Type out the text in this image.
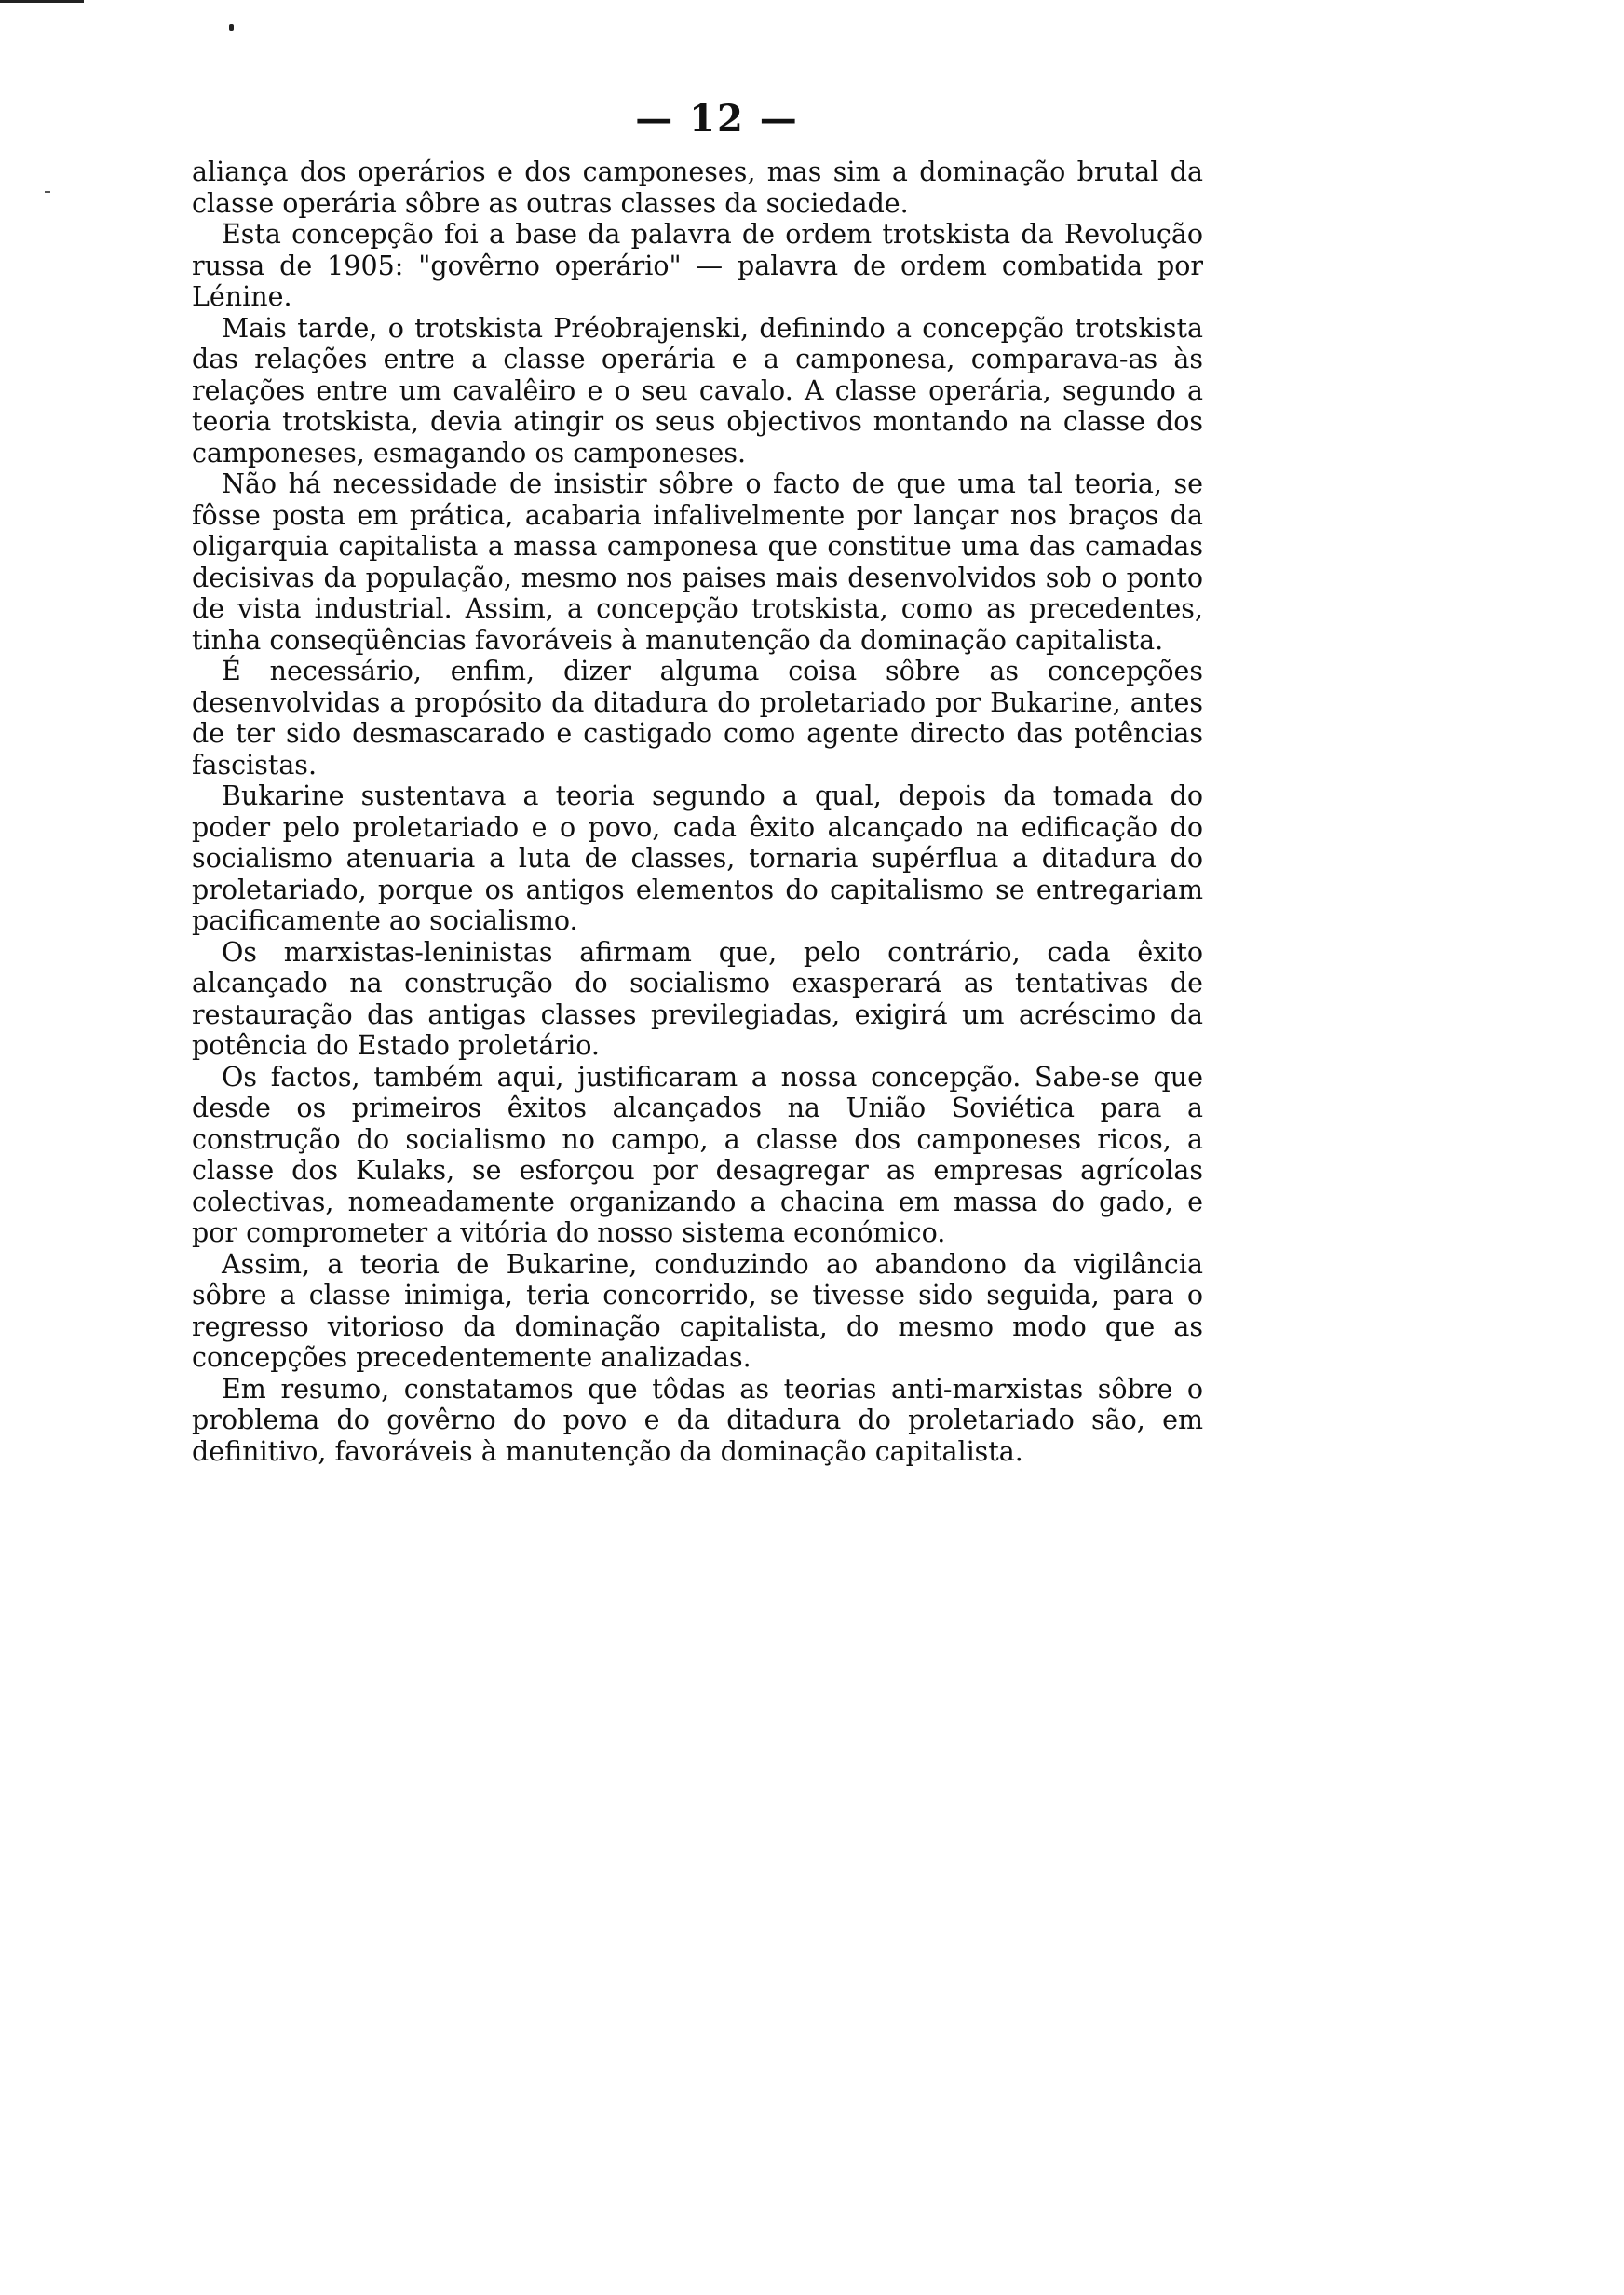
— 12 —

aliança dos operários e dos camponeses, mas sim a dominação brutal da classe operária sôbre as outras classes da sociedade.

Esta concepção foi a base da palavra de ordem trotskista da Revolução russa de 1905: "govêrno operário" — palavra de ordem combatida por Lénine.

Mais tarde, o trotskista Préobrajenski, definindo a concepção trotskista das relações entre a classe operária e a camponesa, comparava-as às relações entre um cavalêiro e o seu cavalo. A classe operária, segundo a teoria trotskista, devia atingir os seus objectivos montando na classe dos camponeses, esmagando os camponeses.

Não há necessidade de insistir sôbre o facto de que uma tal teoria, se fôsse posta em prática, acabaria infalivelmente por lançar nos braços da oligarquia capitalista a massa camponesa que constitue uma das camadas decisivas da população, mesmo nos paises mais desenvolvidos sob o ponto de vista industrial. Assim, a concepção trotskista, como as precedentes, tinha conseqüências favoráveis à manutenção da dominação capitalista.

É necessário, enfim, dizer alguma coisa sôbre as concepções desenvolvidas a propósito da ditadura do proletariado por Bukarine, antes de ter sido desmascarado e castigado como agente directo das potências fascistas.

Bukarine sustentava a teoria segundo a qual, depois da tomada do poder pelo proletariado e o povo, cada êxito alcançado na edificação do socialismo atenuaria a luta de classes, tornaria supérflua a ditadura do proletariado, porque os antigos elementos do capitalismo se entregariam pacificamente ao socialismo.

Os marxistas-leninistas afirmam que, pelo contrário, cada êxito alcançado na construção do socialismo exasperará as tentativas de restauração das antigas classes previlegiadas, exigirá um acréscimo da potência do Estado proletário.

Os factos, também aqui, justificaram a nossa concepção. Sabe-se que desde os primeiros êxitos alcançados na União Soviética para a construção do socialismo no campo, a classe dos camponeses ricos, a classe dos Kulaks, se esforçou por desagregar as empresas agrícolas colectivas, nomeadamente organizando a chacina em massa do gado, e por comprometer a vitória do nosso sistema económico.

Assim, a teoria de Bukarine, conduzindo ao abandono da vigilância sôbre a classe inimiga, teria concorrido, se tivesse sido seguida, para o regresso vitorioso da dominação capitalista, do mesmo modo que as concepções precedentemente analizadas.

Em resumo, constatamos que tôdas as teorias anti-marxistas sôbre o problema do govêrno do povo e da ditadura do proletariado são, em definitivo, favoráveis à manutenção da dominação capitalista.
